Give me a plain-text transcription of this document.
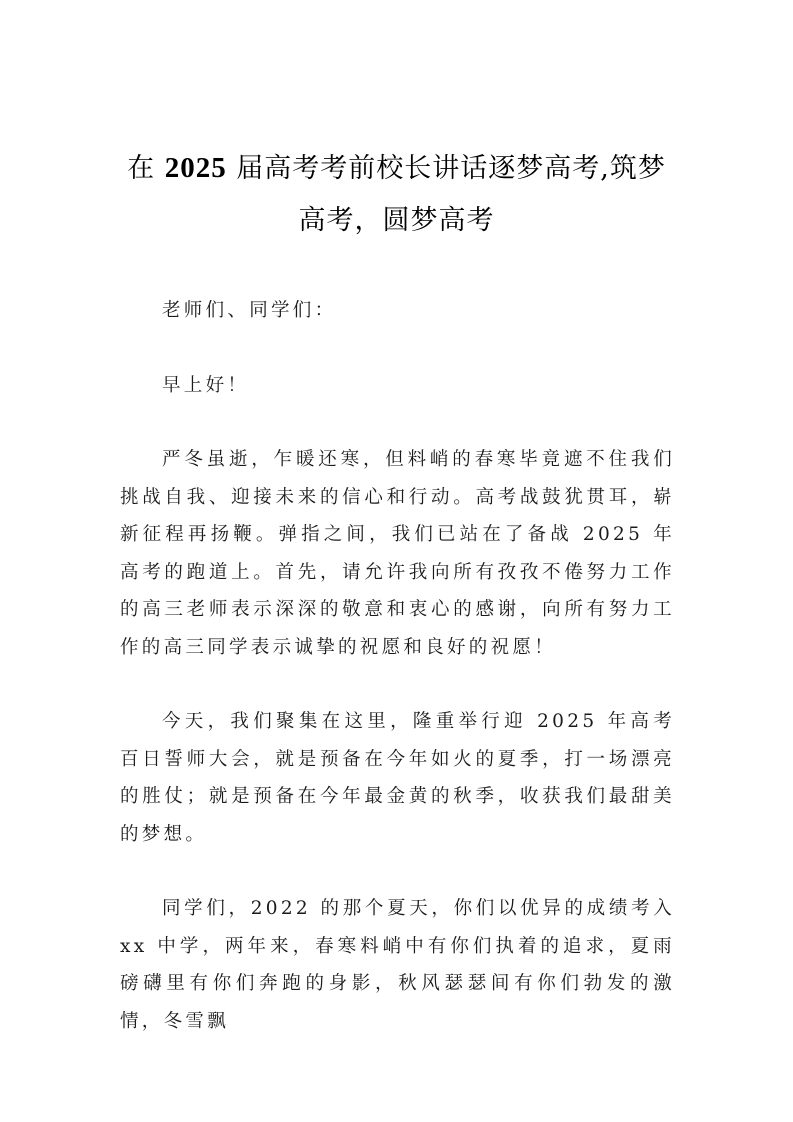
在 2025 届高考考前校长讲话逐梦高考,筑梦
高考，圆梦高考

老师们、同学们：

早上好！

严冬虽逝，乍暖还寒，但料峭的春寒毕竟遮不住我们挑战自我、迎接未来的信心和行动。高考战鼓犹贯耳，崭新征程再扬鞭。弹指之间，我们已站在了备战 2025 年高考的跑道上。首先，请允许我向所有孜孜不倦努力工作的高三老师表示深深的敬意和衷心的感谢，向所有努力工作的高三同学表示诚挚的祝愿和良好的祝愿！

今天，我们聚集在这里，隆重举行迎 2025 年高考百日誓师大会，就是预备在今年如火的夏季，打一场漂亮的胜仗；就是预备在今年最金黄的秋季，收获我们最甜美的梦想。

同学们，2022 的那个夏天，你们以优异的成绩考入 xx 中学，两年来，春寒料峭中有你们执着的追求，夏雨磅礴里有你们奔跑的身影，秋风瑟瑟间有你们勃发的激情，冬雪飘
